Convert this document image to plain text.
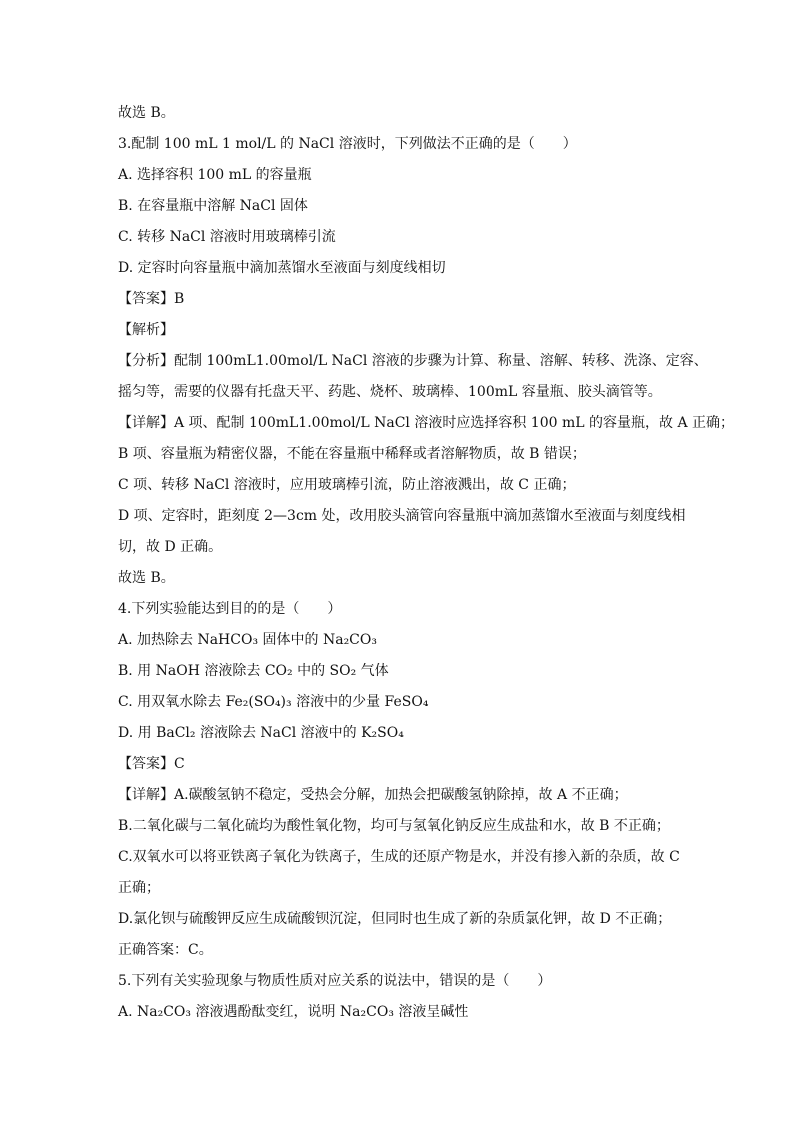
故选 B。
3.配制 100 mL 1 mol/L 的 NaCl 溶液时，下列做法不正确的是（　　）
A. 选择容积 100 mL 的容量瓶
B. 在容量瓶中溶解 NaCl 固体
C. 转移 NaCl 溶液时用玻璃棒引流
D. 定容时向容量瓶中滴加蒸馏水至液面与刻度线相切
【答案】B
【解析】
【分析】配制 100mL1.00mol/L NaCl 溶液的步骤为计算、称量、溶解、转移、洗涤、定容、
摇匀等，需要的仪器有托盘天平、药匙、烧杯、玻璃棒、100mL 容量瓶、胶头滴管等。
【详解】A 项、配制 100mL1.00mol/L NaCl 溶液时应选择容积 100 mL 的容量瓶，故 A 正确；
B 项、容量瓶为精密仪器，不能在容量瓶中稀释或者溶解物质，故 B 错误；
C 项、转移 NaCl 溶液时，应用玻璃棒引流，防止溶液溅出，故 C 正确；
D 项、定容时，距刻度 2—3cm 处，改用胶头滴管向容量瓶中滴加蒸馏水至液面与刻度线相
切，故 D 正确。
故选 B。
4.下列实验能达到目的的是（　　）
A. 加热除去 NaHCO₃ 固体中的 Na₂CO₃
B. 用 NaOH 溶液除去 CO₂ 中的 SO₂ 气体
C. 用双氧水除去 Fe₂(SO₄)₃ 溶液中的少量 FeSO₄
D. 用 BaCl₂ 溶液除去 NaCl 溶液中的 K₂SO₄
【答案】C
【详解】A.碳酸氢钠不稳定，受热会分解，加热会把碳酸氢钠除掉，故 A 不正确；
B.二氧化碳与二氧化硫均为酸性氧化物，均可与氢氧化钠反应生成盐和水，故 B 不正确；
C.双氧水可以将亚铁离子氧化为铁离子，生成的还原产物是水，并没有掺入新的杂质，故 C
正确；
D.氯化钡与硫酸钾反应生成硫酸钡沉淀，但同时也生成了新的杂质氯化钾，故 D 不正确；
正确答案：C。
5.下列有关实验现象与物质性质对应关系的说法中，错误的是（　　）
A. Na₂CO₃ 溶液遇酚酞变红，说明 Na₂CO₃ 溶液呈碱性
